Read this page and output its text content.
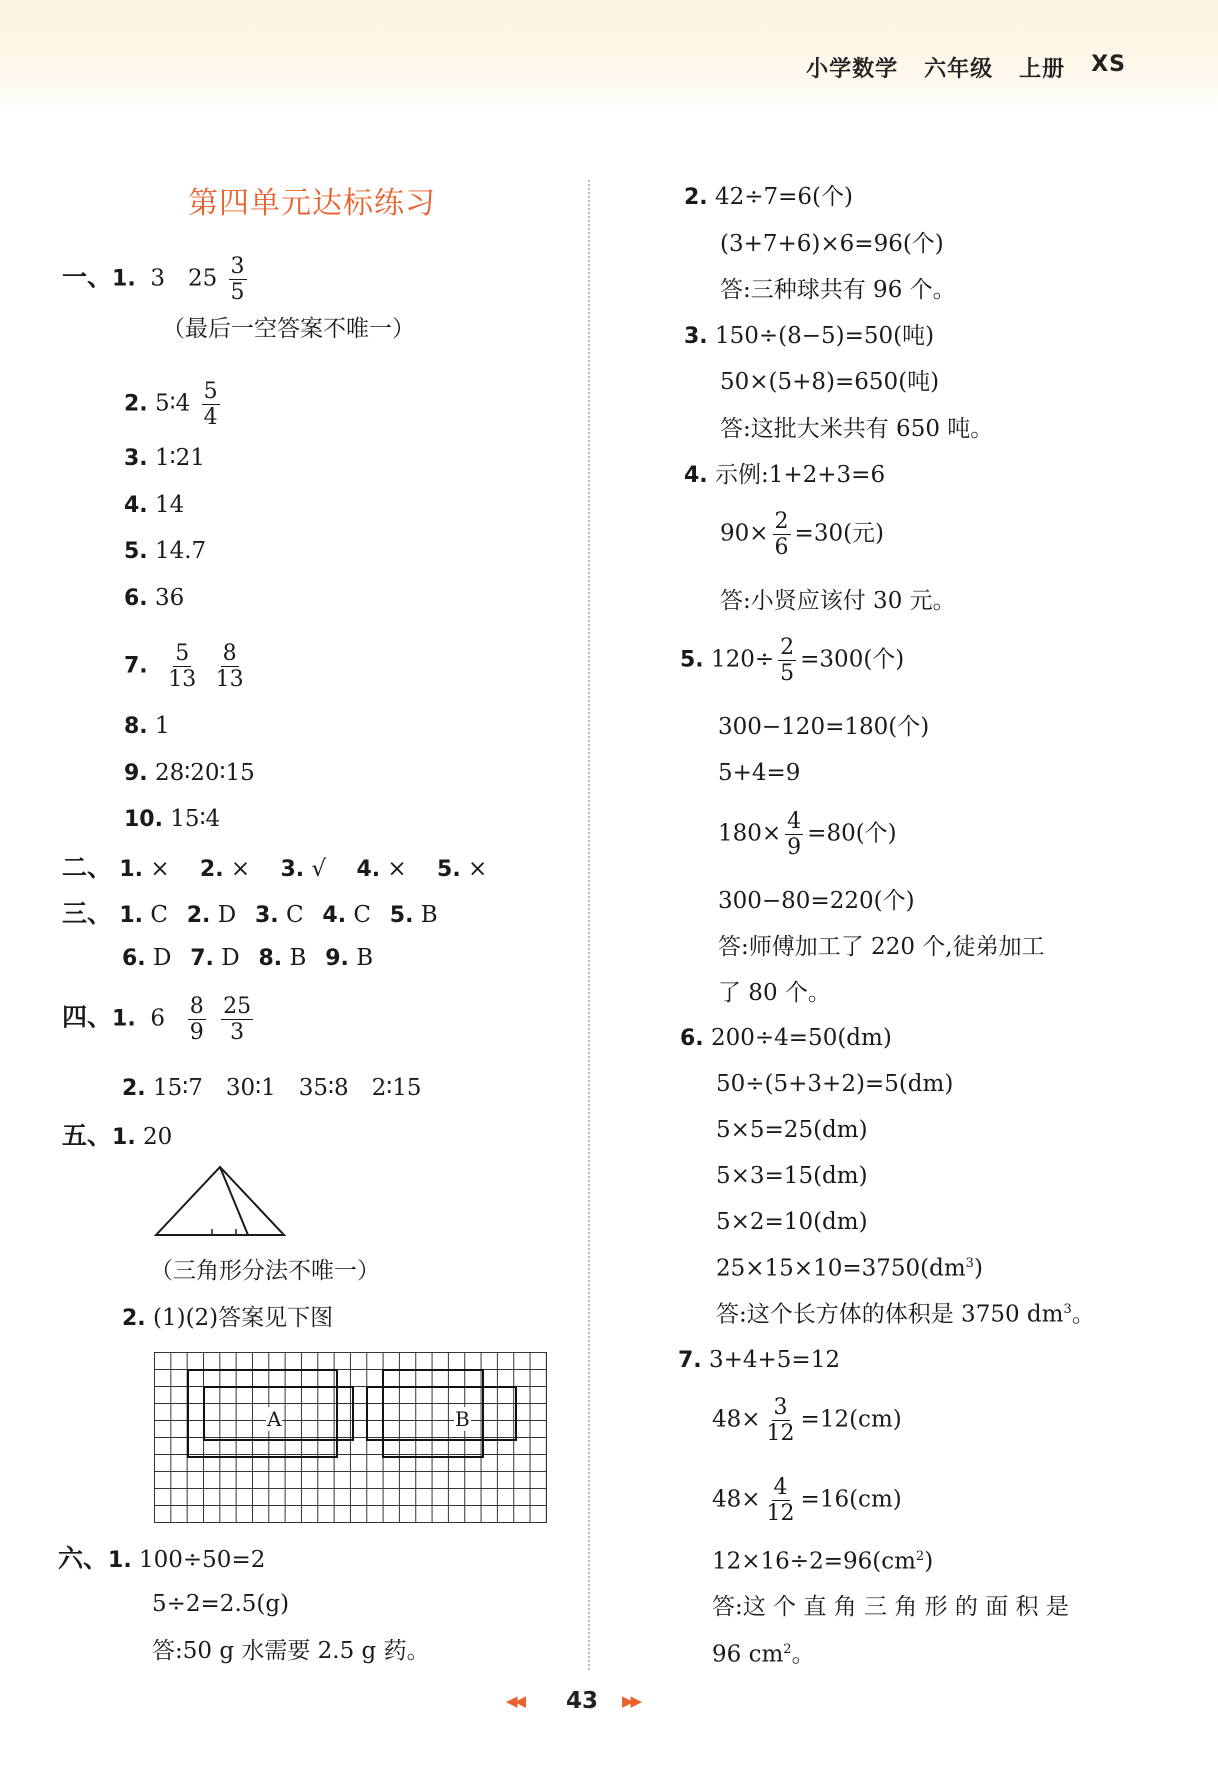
小学数学 六年级 上册 XS
第四单元达标练习
一、1. 3　$25 \frac{3}{5}$
（最后一空答案不唯一）
2. 5∶4 $\frac{5}{4}$
3. 1∶21
4. 14
5. 14.7
6. 36
7. $\frac{5}{13}$
$\frac{8}{13}$
8. 1
9. 28∶20∶15
10. 15∶4
二、 1. ×  2. ×  3. √  4. ×  5. ×
三、 1. C  2. D  3. C  4. C  5. B
6. D  7. D  8. B  9. B
四、1. 6  $\frac{8}{9}$
$\frac{25}{3}$
2. 15∶7　30∶1　35∶8　2∶15
五、1. 20
（三角形分法不唯一）
2. (1)(2)答案见下图
A	B
六、1. 100÷50=2
5÷2=2.5(g)
答:50 g 水需要 2.5 g 药。
2. 42÷7=6(个)
(3+7+6)×6=96(个)
答:三种球共有 96 个。
3. 150÷(8−5)=50(吨)
50×(5+8)=650(吨)
答:这批大米共有 650 吨。
4. 示例:1+2+3=6
$90\times \frac{2}{6} =30$(元)
答:小贤应该付 30 元。
5. $120\div \frac{2}{5} =300$(个)
300−120=180(个)
5+4=9
$180\times \frac{4}{9} =80$(个)
300−80=220(个)
答:师傅加工了 220 个,徒弟加工
了 80 个。
6. 200÷4=50(dm)
50÷(5+3+2)=5(dm)
5×5=25(dm)
5×3=15(dm)
5×2=10(dm)
$25\times 15\times 10=3750(dm^3)$
答:这个长方体的体积是 3750 $dm^3$。
7. 3+4+5=12
$48\times \frac{3}{12} =12(cm)$
$48\times \frac{4}{12} =16(cm)$
$12\times 16\div 2=96(cm^2)$
答:这 个 直 角 三 角 形 的 面 积 是
96 $cm^2$。
◀◀ 43 ▶▶
